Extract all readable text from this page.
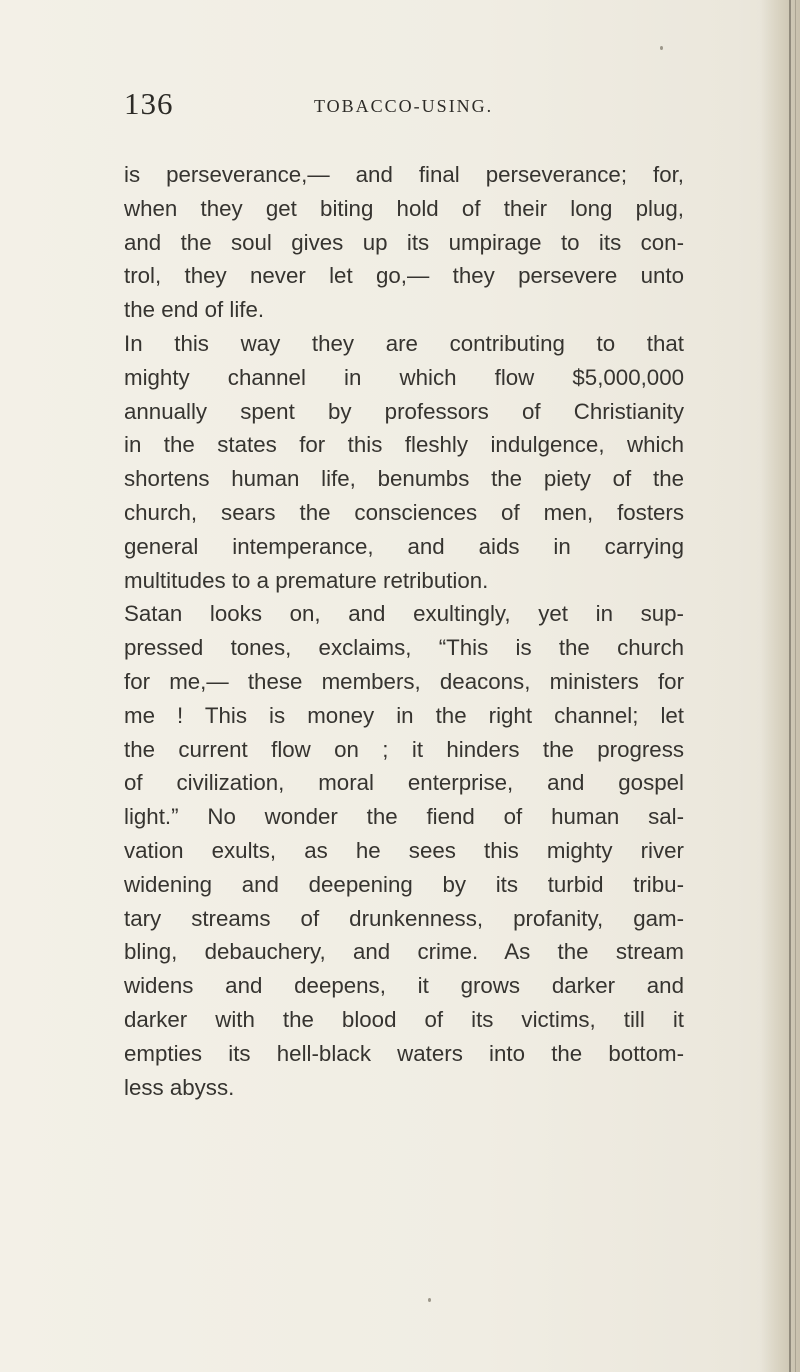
136	TOBACCO-USING.
is perseverance,— and final perseverance; for,
when they get biting hold of their long plug,
and the soul gives up its umpirage to its con-
trol, they never let go,— they persevere unto
the end of life.
In this way they are contributing to that
mighty channel in which flow $5,000,000
annually spent by professors of Christianity
in the states for this fleshly indulgence, which
shortens human life, benumbs the piety of the
church, sears the consciences of men, fosters
general intemperance, and aids in carrying
multitudes to a premature retribution.
Satan looks on, and exultingly, yet in sup-
pressed tones, exclaims, “This is the church
for me,— these members, deacons, ministers for
me ! This is money in the right channel; let
the current flow on ; it hinders the progress
of civilization, moral enterprise, and gospel
light.” No wonder the fiend of human sal-
vation exults, as he sees this mighty river
widening and deepening by its turbid tribu-
tary streams of drunkenness, profanity, gam-
bling, debauchery, and crime. As the stream
widens and deepens, it grows darker and
darker with the blood of its victims, till it
empties its hell-black waters into the bottom-
less abyss.
